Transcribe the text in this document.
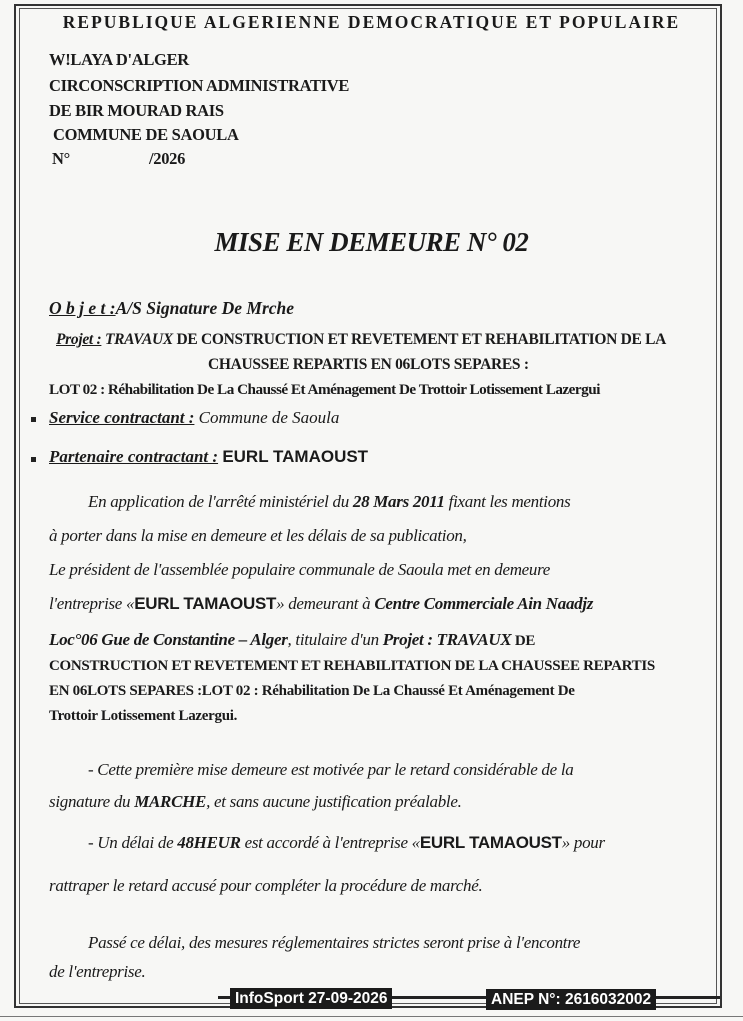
REPUBLIQUE ALGERIENNE DEMOCRATIQUE ET POPULAIRE
W!LAYA D'ALGER
CIRCONSCRIPTION ADMINISTRATIVE
DE BIR MOURAD RAIS
COMMUNE DE SAOULA
N°	/2026
MISE EN DEMEURE N° 02
O b j e t :A/S Signature De Mrche
Projet : TRAVAUX DE CONSTRUCTION ET REVETEMENT ET REHABILITATION DE LA
CHAUSSEE REPARTIS EN 06LOTS SEPARES :
LOT 02 : Réhabilitation De La Chaussé Et Aménagement De Trottoir Lotissement Lazergui
Service contractant : Commune de Saoula
Partenaire contractant : EURL TAMAOUST
En application de l'arrêté ministériel du 28 Mars 2011 fixant les mentions
à porter dans la mise en demeure et les délais de sa publication,
Le président de l'assemblée populaire communale de Saoula met en demeure
l'entreprise «EURL TAMAOUST» demeurant à Centre Commerciale Ain Naadjz
Loc°06 Gue de Constantine – Alger, titulaire d'un Projet : TRAVAUX DE
CONSTRUCTION ET REVETEMENT ET REHABILITATION DE LA CHAUSSEE REPARTIS
EN 06LOTS SEPARES :LOT 02 : Réhabilitation De La Chaussé Et Aménagement De
Trottoir Lotissement Lazergui.
- Cette première mise demeure est motivée par le retard considérable de la
signature du MARCHE, et sans aucune justification préalable.
- Un délai de 48HEUR est accordé à l'entreprise «EURL TAMAOUST» pour
rattraper le retard accusé pour compléter la procédure de marché.
Passé ce délai, des mesures réglementaires strictes seront prise à l'encontre
de l'entreprise.
InfoSport 27-09-2026	ANEP N°: 2616032002
